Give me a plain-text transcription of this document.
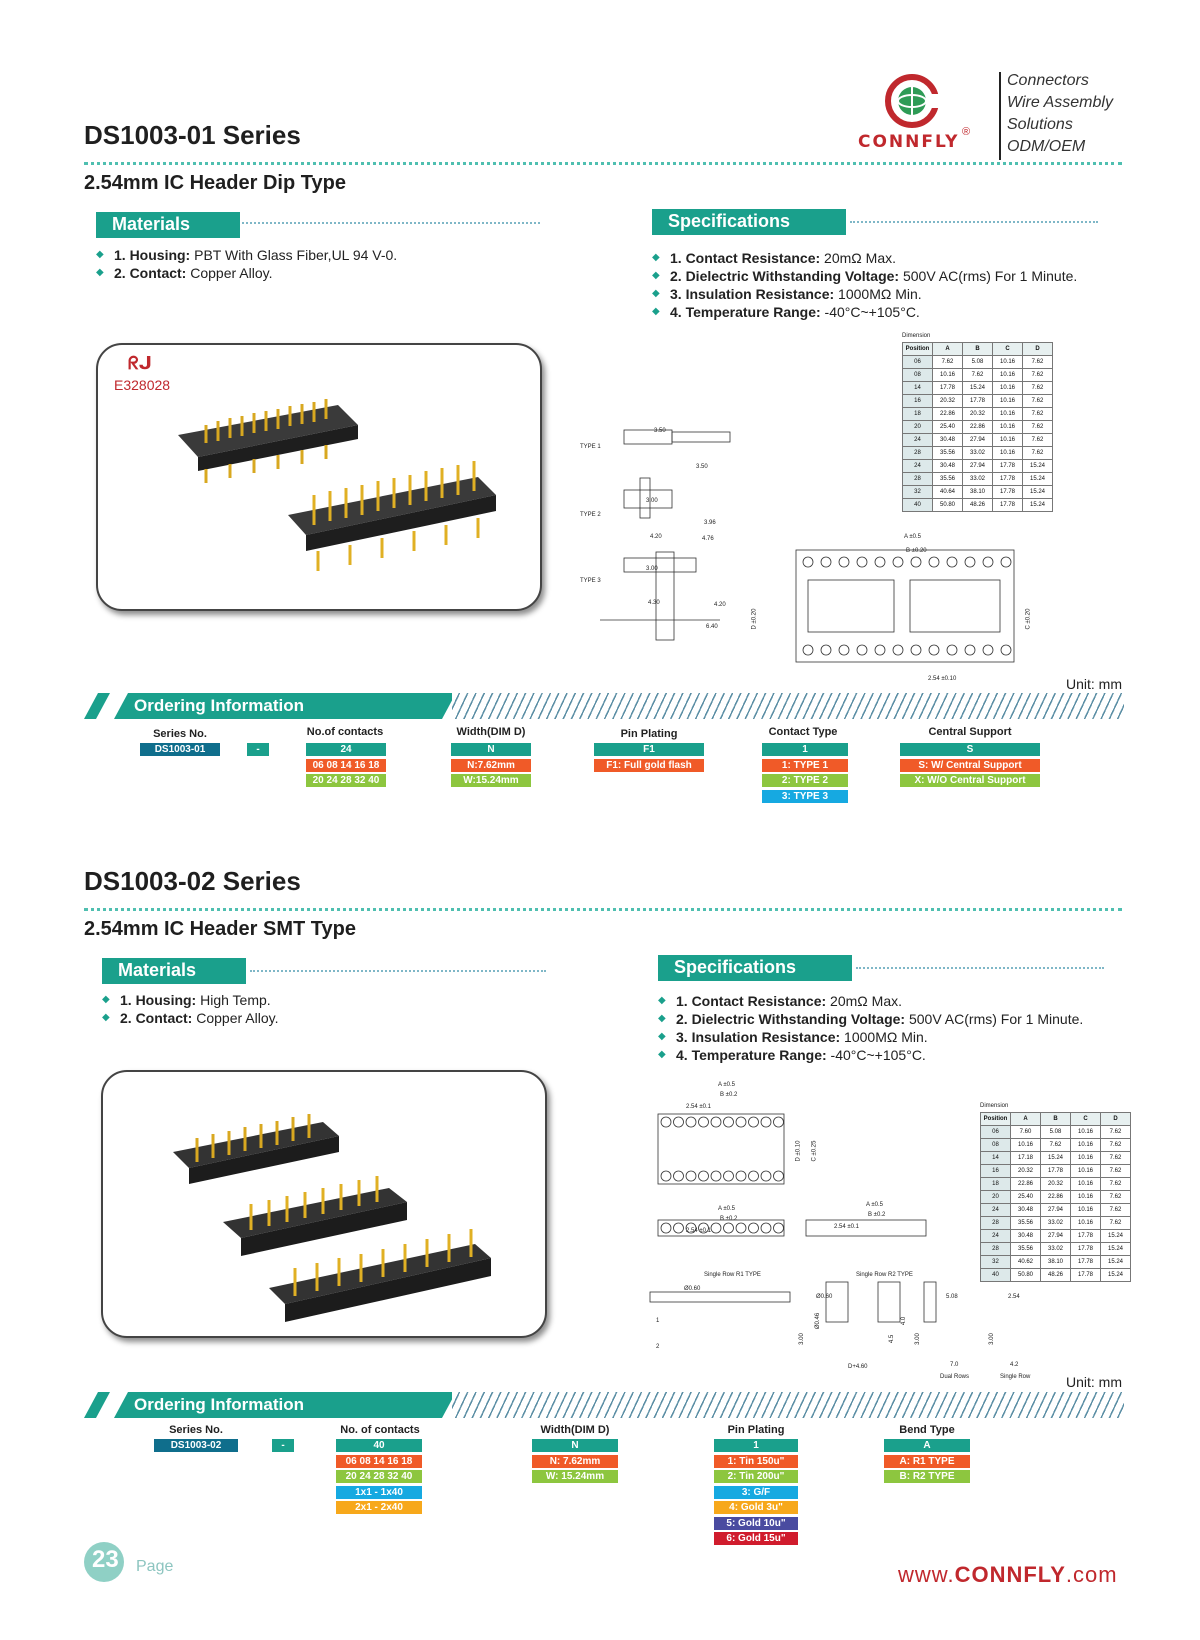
CONNFLY ®
Connectors
Wire Assembly
Solutions
ODM/OEM
DS1003-01 Series
2.54mm IC Header Dip Type
Materials
◆ 1. Housing: PBT With Glass Fiber,UL 94 V-0.
◆ 2. Contact: Copper Alloy.
Specifications
◆ 1. Contact Resistance: 20mΩ Max.
◆ 2. Dielectric Withstanding Voltage: 500V AC(rms) For 1 Minute.
◆ 3. Insulation Resistance: 1000MΩ Min.
◆ 4. Temperature Range: -40°C~+105°C.
ᖇᒍ
E328028
Dimension
Position	A	B	C	D
06	7.62	5.08	10.16	7.62
08	10.16	7.62	10.16	7.62
14	17.78	15.24	10.16	7.62
16	20.32	17.78	10.16	7.62
18	22.86	20.32	10.16	7.62
20	25.40	22.86	10.16	7.62
24	30.48	27.94	10.16	7.62
28	35.56	33.02	10.16	7.62
24	30.48	27.94	17.78	15.24
28	35.56	33.02	17.78	15.24
32	40.64	38.10	17.78	15.24
40	50.80	48.26	17.78	15.24
TYPE 1
TYPE 2
TYPE 3
3.50
3.50
3.00
3.96
4.20	4.76
3.00
4.30	4.20
6.40	D ±0.20
A ±0.5
B ±0.20
C ±0.20
2.54 ±0.10	Unit: mm
Ordering Information
Series No.
DS1003-01	-
No.of contacts
24
06 08 14 16 18
20 24 28 32 40
Width(DIM D)
N
N:7.62mm
W:15.24mm
Pin Plating
F1
F1: Full gold flash
Contact Type
1
1: TYPE 1
2: TYPE 2
3: TYPE 3
Central Support
S
S: W/ Central Support
X: W/O Central Support
DS1003-02 Series
2.54mm IC Header SMT Type
Materials
◆ 1. Housing: High Temp.
◆ 2. Contact: Copper Alloy.
Specifications
◆ 1. Contact Resistance: 20mΩ Max.
◆ 2. Dielectric Withstanding Voltage: 500V AC(rms) For 1 Minute.
◆ 3. Insulation Resistance: 1000MΩ Min.
◆ 4. Temperature Range: -40°C~+105°C.
A ±0.5
B ±0.2
2.54 ±0.1
D ±0.10 C ±0.25
A ±0.5
B ±0.2
2.54 ±0.1
Single Row R1 TYPE
A ±0.5
B ±0.2
2.54 ±0.1
Single Row R2 TYPE
Ø0.60
Ø0.60
Ø0.46
3.00
D+4.60
4.5
4.0
3.00
5.08
7.0
Dual Rows
2.54
3.00
4.2
Single Row
1
2
Dimension
Position	A	B	C	D
06	7.60	5.08	10.16	7.62
08	10.16	7.62	10.16	7.62
14	17.18	15.24	10.16	7.62
16	20.32	17.78	10.16	7.62
18	22.86	20.32	10.16	7.62
20	25.40	22.86	10.16	7.62
24	30.48	27.94	10.16	7.62
28	35.56	33.02	10.16	7.62
24	30.48	27.94	17.78	15.24
28	35.56	33.02	17.78	15.24
32	40.62	38.10	17.78	15.24
40	50.80	48.26	17.78	15.24
Unit: mm
Ordering Information
Series No.
DS1003-02	-
No. of contacts
40
06 08 14 16 18
20 24 28 32 40
1x1 - 1x40
2x1 - 2x40
Width(DIM D)
N
N: 7.62mm
W: 15.24mm
Pin Plating
1
1: Tin 150u"
2: Tin 200u"
3: G/F
4: Gold 3u"
5: Gold 10u"
6: Gold 15u"
Bend Type
A
A: R1 TYPE
B: R2 TYPE
23 Page	www.CONNFLY.com
